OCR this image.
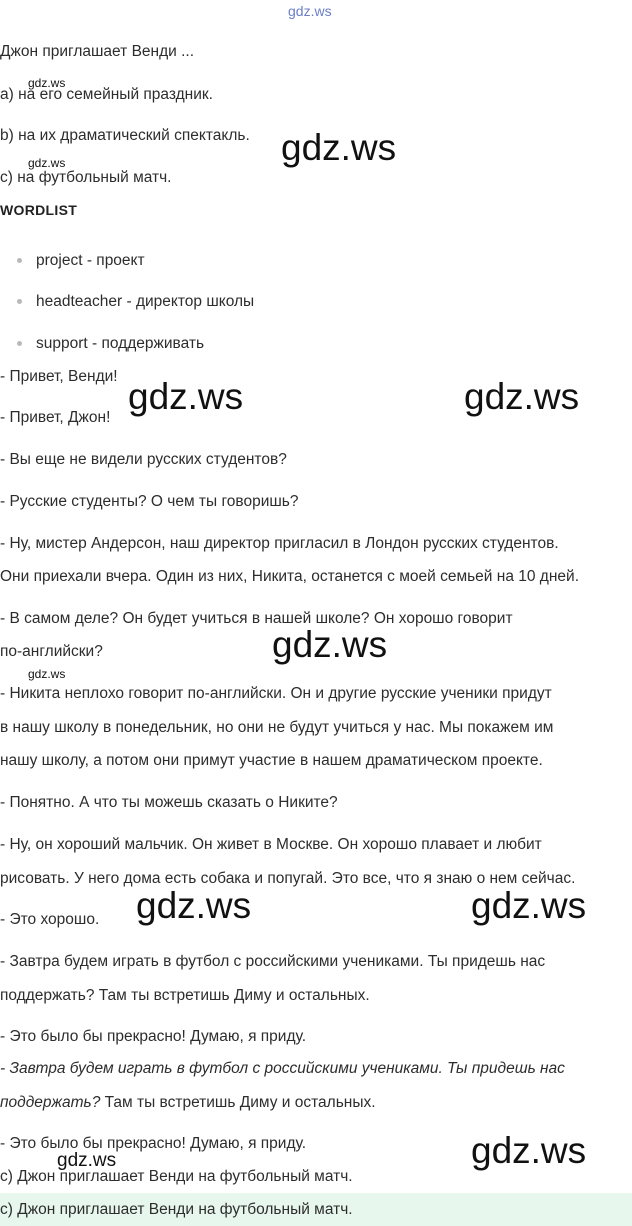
gdz.ws
Джон приглашает Венди ...
gdz.ws
a) на его семейный праздник.
b) на их драматический спектакль. gdz.ws
gdz.ws
c) на футбольный матч.
WORDLIST
project - проект
headteacher - директор школы
support - поддерживать
- Привет, Венди! gdz.ws	gdz.ws
- Привет, Джон!
- Вы еще не видели русских студентов?
- Русские студенты? О чем ты говоришь?
- Ну, мистер Андерсон, наш директор пригласил в Лондон русских студентов.
Они приехали вчера. Один из них, Никита, останется с моей семьей на 10 дней.
- В самом деле? Он будет учиться в нашей школе? Он хорошо говорит
gdz.ws
по-английски?
gdz.ws
- Никита неплохо говорит по-английски. Он и другие русские ученики придут
в нашу школу в понедельник, но они не будут учиться у нас. Мы покажем им
нашу школу, а потом они примут участие в нашем драматическом проекте.
- Понятно. А что ты можешь сказать о Никите?
- Ну, он хороший мальчик. Он живет в Москве. Он хорошо плавает и любит
рисовать. У него дома есть собака и попугай. Это все, что я знаю о нем сейчас.
gdz.ws	gdz.ws
- Это хорошо.
- Завтра будем играть в футбол с российскими учениками. Ты придешь нас
поддержать? Там ты встретишь Диму и остальных.
- Это было бы прекрасно! Думаю, я приду.
- Завтра будем играть в футбол с российскими учениками. Ты придешь нас
поддержать? Там ты встретишь Диму и остальных.
- Это было бы прекрасно! Думаю, я приду.	gdz.ws
gdz.ws
с) Джон приглашает Венди на футбольный матч.
с) Джон приглашает Венди на футбольный матч.
